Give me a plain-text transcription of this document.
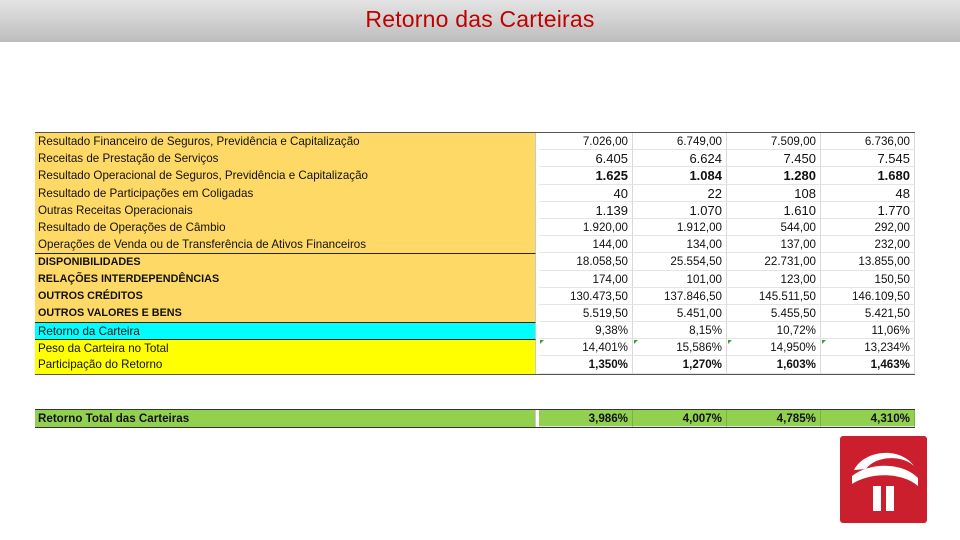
Retorno das Carteiras
Resultado Financeiro de Seguros, Previdência e Capitalização	7.026,00	6.749,00	7.509,00	6.736,00
Receitas de Prestação de Serviços	6.405	6.624	7.450	7.545
Resultado Operacional de Seguros, Previdência e Capitalização	1.625	1.084	1.280	1.680
Resultado de Participações em Coligadas	40	22	108	48
Outras Receitas Operacionais	1.139	1.070	1.610	1.770
Resultado de Operações de Câmbio	1.920,00	1.912,00	544,00	292,00
Operações de Venda ou de Transferência de Ativos Financeiros	144,00	134,00	137,00	232,00
DISPONIBILIDADES	18.058,50	25.554,50	22.731,00	13.855,00
RELAÇÕES INTERDEPENDÊNCIAS	174,00	101,00	123,00	150,50
OUTROS CRÉDITOS	130.473,50	137.846,50	145.511,50	146.109,50
OUTROS VALORES E BENS	5.519,50	5.451,00	5.455,50	5.421,50
Retorno da Carteira	9,38%	8,15%	10,72%	11,06%
Peso da Carteira no Total	14,401%	15,586%	14,950%	13,234%
Participação do Retorno	1,350%	1,270%	1,603%	1,463%
Retorno Total das Carteiras	3,986%	4,007%	4,785%	4,310%
